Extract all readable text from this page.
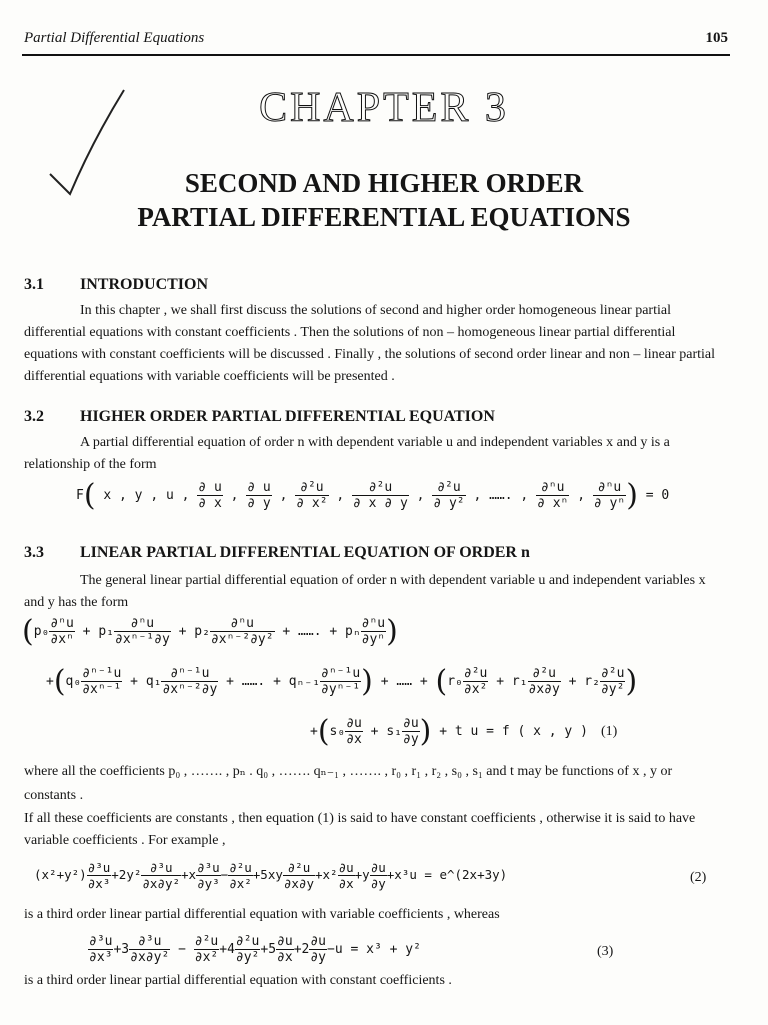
Partial Differential Equations	105
CHAPTER 3
SECOND AND HIGHER ORDER
PARTIAL DIFFERENTIAL EQUATIONS
3.1	INTRODUCTION
In this chapter , we shall first discuss the solutions of second and higher order homogeneous linear partial differential equations with constant coefficients . Then the solutions of non – homogeneous linear partial differential equations with constant coefficients will be discussed . Finally , the solutions of second order linear and non – linear partial differential equations with variable coefficients will be presented .
3.2	HIGHER ORDER PARTIAL DIFFERENTIAL EQUATION
A partial differential equation of order n with dependent variable u and independent variables x and y is a relationship of the form
F( x , y , u , $\frac{\partial u}{\partial x}$ , $\frac{\partial u}{\partial y}$ , $\frac{\text{∂²u}}{\text{∂ x²}}$ , $\frac{\text{∂²u}}{\partial x \partial y}$ , $\frac{\text{∂²u}}{\text{∂ y²}}$ , ……. , $\frac{\text{∂ⁿu}}{\text{∂ xⁿ}}$ , $\frac{\text{∂ⁿu}}{\text{∂ yⁿ}}$ ) = 0
3.3	LINEAR PARTIAL DIFFERENTIAL EQUATION OF ORDER n
The general linear partial differential equation of order n with dependent variable u and independent variables x and y has the form
($p_0 \frac{\text{∂ⁿu}}{\text{∂xⁿ}} + p_1 \frac{\text{∂ⁿu}}{\text{∂xⁿ⁻¹∂y}} + p_2 \frac{\text{∂ⁿu}}{\text{∂xⁿ⁻²∂y²}}$ + ……. + pₙ $\frac{\text{∂ⁿu}}{\text{∂yⁿ}}$ )
$+(q_0 \frac{\text{∂ⁿ⁻¹u}}{\text{∂xⁿ⁻¹}} + q_1 \frac{\text{∂ⁿ⁻¹u}}{\text{∂xⁿ⁻²∂y}}$ + ……. + $q_{n-1} \frac{\text{∂ⁿ⁻¹u}}{\text{∂yⁿ⁻¹}}$ ) + …… + ($r_0 \frac{\text{∂²u}}{\text{∂x²}} + r_1 \frac{\text{∂²u}}{\partial x\partial y} + r_2 \frac{\text{∂²u}}{\text{∂y²}}$ )
$+(s_0 \frac{\partial u}{\partial x} + s_1 \frac{\partial u}{\partial y}$ ) + t u = f ( x , y ) (1)
where all the coefficients p₀ , ……. , pₙ . q₀ , ……. qₙ₋₁ , ……. , r₀ , r₁ , r₂ , s₀ , s₁ and t may be functions of x , y or constants .
If all these coefficients are constants , then equation (1) is said to have constant coefficients , otherwise it is said to have variable coefficients . For example ,
$(x^2+y^2) \frac{\text{∂³u}}{\text{∂x³}} +2y^2 \frac{\text{∂³u}}{\text{∂x∂y²}} +x \frac{\text{∂³u}}{\text{∂y³}} - \frac{\text{∂²u}}{\text{∂x²}} +5xy \frac{\text{∂²u}}{\partial x\partial y} +x^2 \frac{\partial u}{\partial x} +y \frac{\partial u}{\partial y} +x^3u$ = e^(2x+3y)	(2)
is a third order linear partial differential equation with variable coefficients , whereas
$\frac{\text{∂³u}}{\text{∂x³}} +3 \frac{\text{∂³u}}{\text{∂x∂y²}} - \frac{\text{∂²u}}{\text{∂x²}} +4 \frac{\text{∂²u}}{\text{∂y²}} +5 \frac{\partial u}{\partial x} +2 \frac{\partial u}{\partial y} -u = x^3 + y^2$	(3)
is a third order linear partial differential equation with constant coefficients .
